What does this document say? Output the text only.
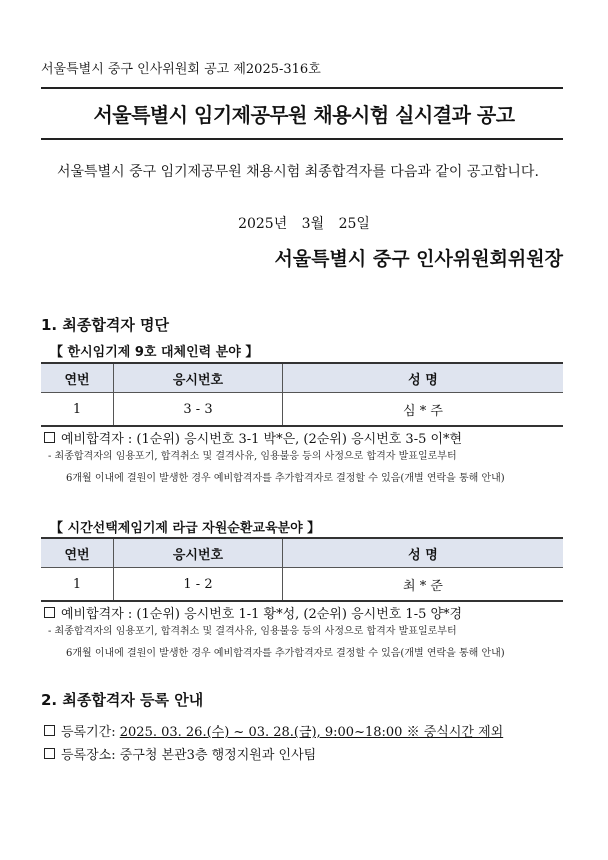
서울특별시 중구 인사위원회 공고 제2025-316호
서울특별시 임기제공무원 채용시험 실시결과 공고
서울특별시 중구 임기제공무원 채용시험 최종합격자를 다음과 같이 공고합니다.
2025년 3월 25일
서울특별시 중구 인사위원회위원장
1. 최종합격자 명단
【 한시임기제 9호 대체인력 분야 】
연번	응시번호	성 명
1	3 - 3	심 * 주
예비합격자 : (1순위) 응시번호 3-1 박*은, (2순위) 응시번호 3-5 이*현
- 최종합격자의 임용포기, 합격취소 및 결격사유, 임용불응 등의 사정으로 합격자 발표일로부터
6개월 이내에 결원이 발생한 경우 예비합격자를 추가합격자로 결정할 수 있음(개별 연락을 통해 안내)
【 시간선택제임기제 라급 자원순환교육분야 】
연번	응시번호	성 명
1	1 - 2	최 * 준
예비합격자 : (1순위) 응시번호 1-1 황*성, (2순위) 응시번호 1-5 양*경
- 최종합격자의 임용포기, 합격취소 및 결격사유, 임용불응 등의 사정으로 합격자 발표일로부터
6개월 이내에 결원이 발생한 경우 예비합격자를 추가합격자로 결정할 수 있음(개별 연락을 통해 안내)
2. 최종합격자 등록 안내
등록기간: 2025. 03. 26.(수) ~ 03. 28.(금), 9:00~18:00 ※ 중식시간 제외
등록장소: 중구청 본관3층 행정지원과 인사팀
